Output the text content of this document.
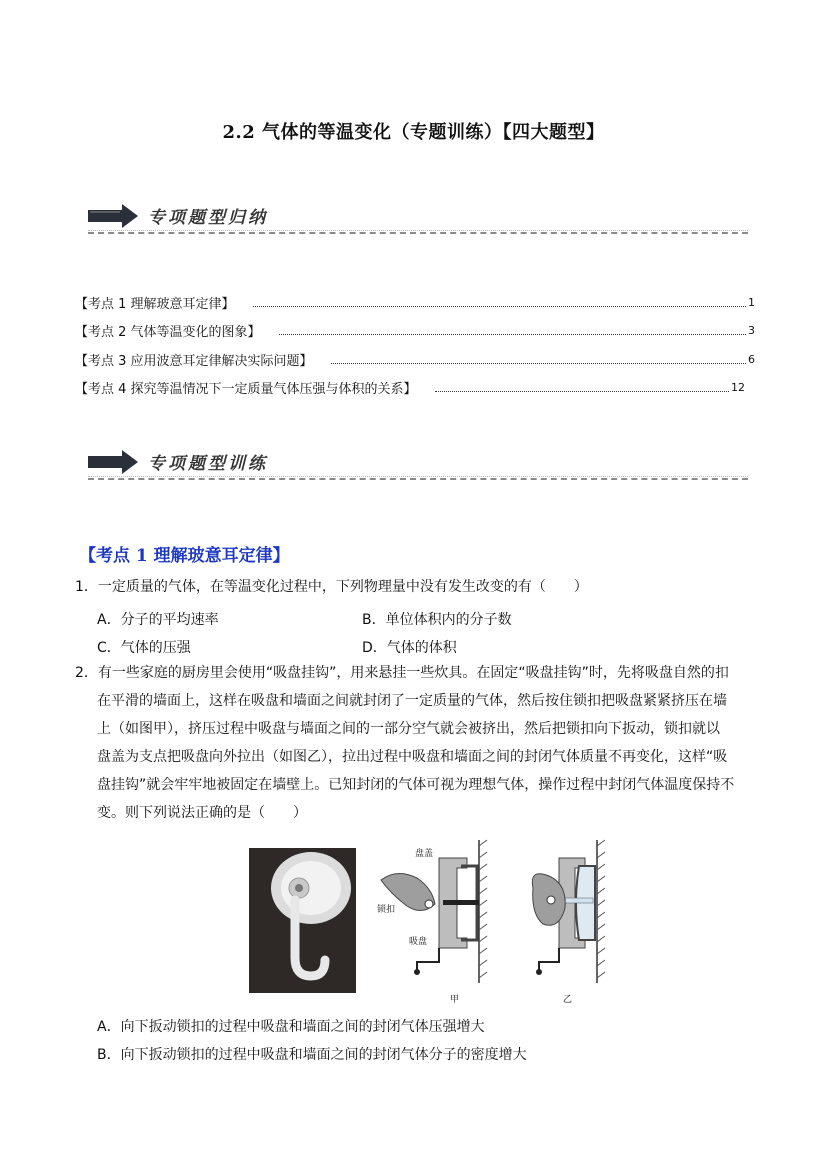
2.2 气体的等温变化（专题训练）【四大题型】
专项题型归纳
【考点 1 理解玻意耳定律】	1
【考点 2 气体等温变化的图象】	3
【考点 3 应用波意耳定律解决实际问题】	6
【考点 4 探究等温情况下一定质量气体压强与体积的关系】	12
专项题型训练
【考点 1 理解玻意耳定律】
1．一定质量的气体，在等温变化过程中，下列物理量中没有发生改变的有（　　）
A．分子的平均速率	B．单位体积内的分子数
C．气体的压强	D．气体的体积
2．有一些家庭的厨房里会使用“吸盘挂钩”，用来悬挂一些炊具。在固定“吸盘挂钩”时，先将吸盘自然的扣
在平滑的墙面上，这样在吸盘和墙面之间就封闭了一定质量的气体，然后按住锁扣把吸盘紧紧挤压在墙
上（如图甲），挤压过程中吸盘与墙面之间的一部分空气就会被挤出，然后把锁扣向下扳动，锁扣就以
盘盖为支点把吸盘向外拉出（如图乙），拉出过程中吸盘和墙面之间的封闭气体质量不再变化，这样“吸
盘挂钩”就会牢牢地被固定在墙壁上。已知封闭的气体可视为理想气体，操作过程中封闭气体温度保持不
变。则下列说法正确的是（　　）
盘盖
锁扣
吸盘
甲	乙
A．向下扳动锁扣的过程中吸盘和墙面之间的封闭气体压强增大
B．向下扳动锁扣的过程中吸盘和墙面之间的封闭气体分子的密度增大
